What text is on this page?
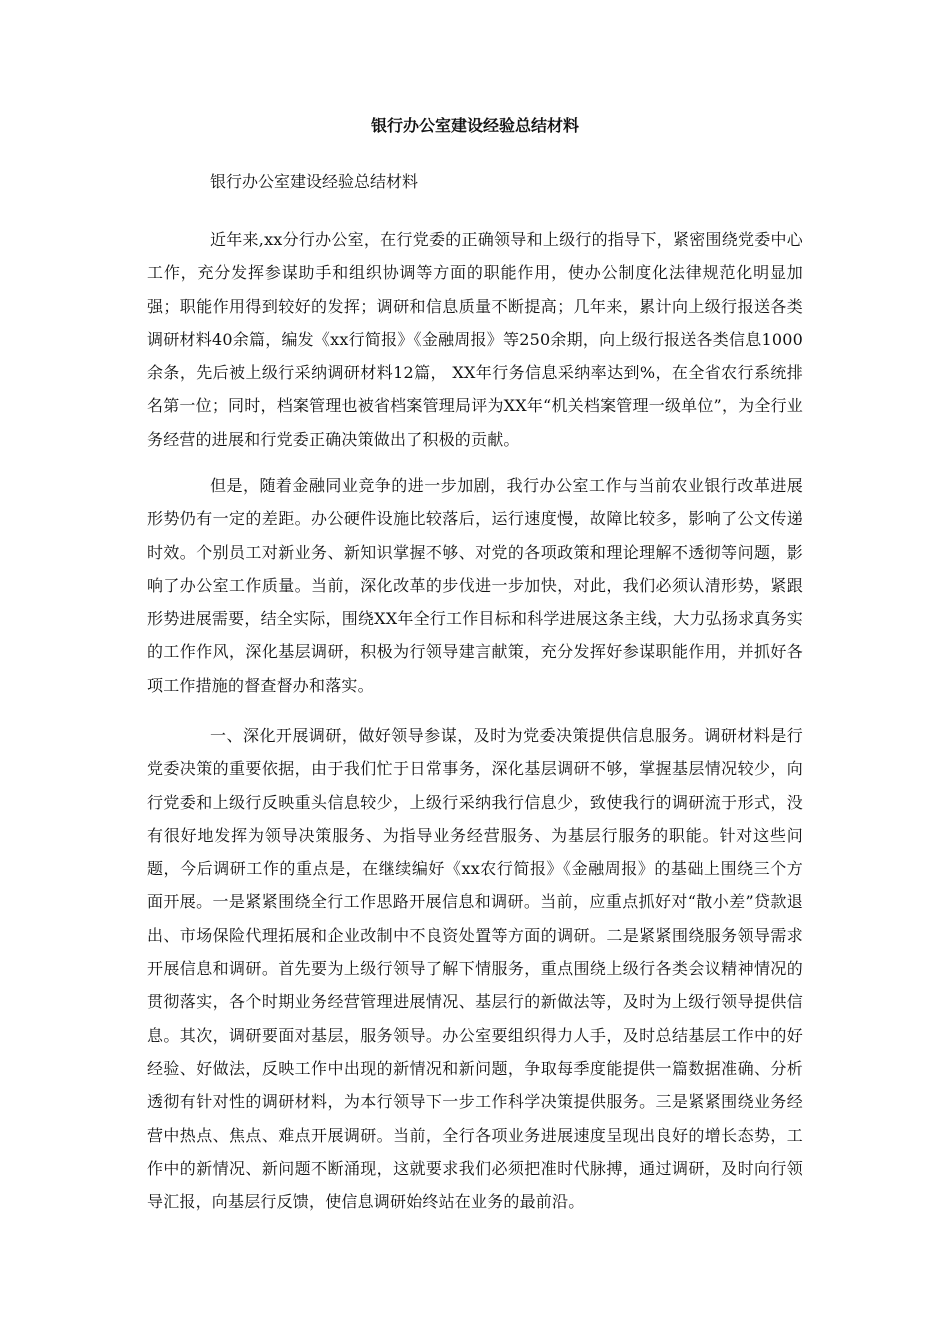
银行办公室建设经验总结材料
银行办公室建设经验总结材料

近年来,xx分行办公室，在行党委的正确领导和上级行的指导下，紧密围绕党委中心工作，充分发挥参谋助手和组织协调等方面的职能作用，使办公制度化法律规范化明显加强；职能作用得到较好的发挥；调研和信息质量不断提高；几年来，累计向上级行报送各类调研材料40余篇，编发《xx行简报》《金融周报》等250余期，向上级行报送各类信息1000余条，先后被上级行采纳调研材料12篇， XX年行务信息采纳率达到%，在全省农行系统排名第一位；同时，档案管理也被省档案管理局评为XX年“机关档案管理一级单位”，为全行业务经营的进展和行党委正确决策做出了积极的贡献。

但是，随着金融同业竞争的进一步加剧，我行办公室工作与当前农业银行改革进展形势仍有一定的差距。办公硬件设施比较落后，运行速度慢，故障比较多，影响了公文传递时效。个别员工对新业务、新知识掌握不够、对党的各项政策和理论理解不透彻等问题，影响了办公室工作质量。当前，深化改革的步伐进一步加快，对此，我们必须认清形势，紧跟形势进展需要，结全实际，围绕XX年全行工作目标和科学进展这条主线，大力弘扬求真务实的工作作风，深化基层调研，积极为行领导建言献策，充分发挥好参谋职能作用，并抓好各项工作措施的督查督办和落实。

一、深化开展调研，做好领导参谋，及时为党委决策提供信息服务。调研材料是行党委决策的重要依据，由于我们忙于日常事务，深化基层调研不够，掌握基层情况较少，向行党委和上级行反映重头信息较少，上级行采纳我行信息少，致使我行的调研流于形式，没有很好地发挥为领导决策服务、为指导业务经营服务、为基层行服务的职能。针对这些问题，今后调研工作的重点是，在继续编好《xx农行简报》《金融周报》的基础上围绕三个方面开展。一是紧紧围绕全行工作思路开展信息和调研。当前，应重点抓好对“散小差”贷款退出、市场保险代理拓展和企业改制中不良资处置等方面的调研。二是紧紧围绕服务领导需求开展信息和调研。首先要为上级行领导了解下情服务，重点围绕上级行各类会议精神情况的贯彻落实，各个时期业务经营管理进展情况、基层行的新做法等，及时为上级行领导提供信息。其次，调研要面对基层，服务领导。办公室要组织得力人手，及时总结基层工作中的好经验、好做法，反映工作中出现的新情况和新问题，争取每季度能提供一篇数据准确、分析透彻有针对性的调研材料，为本行领导下一步工作科学决策提供服务。三是紧紧围绕业务经营中热点、焦点、难点开展调研。当前，全行各项业务进展速度呈现出良好的增长态势，工作中的新情况、新问题不断涌现，这就要求我们必须把准时代脉搏，通过调研，及时向行领导汇报，向基层行反馈，使信息调研始终站在业务的最前沿。
